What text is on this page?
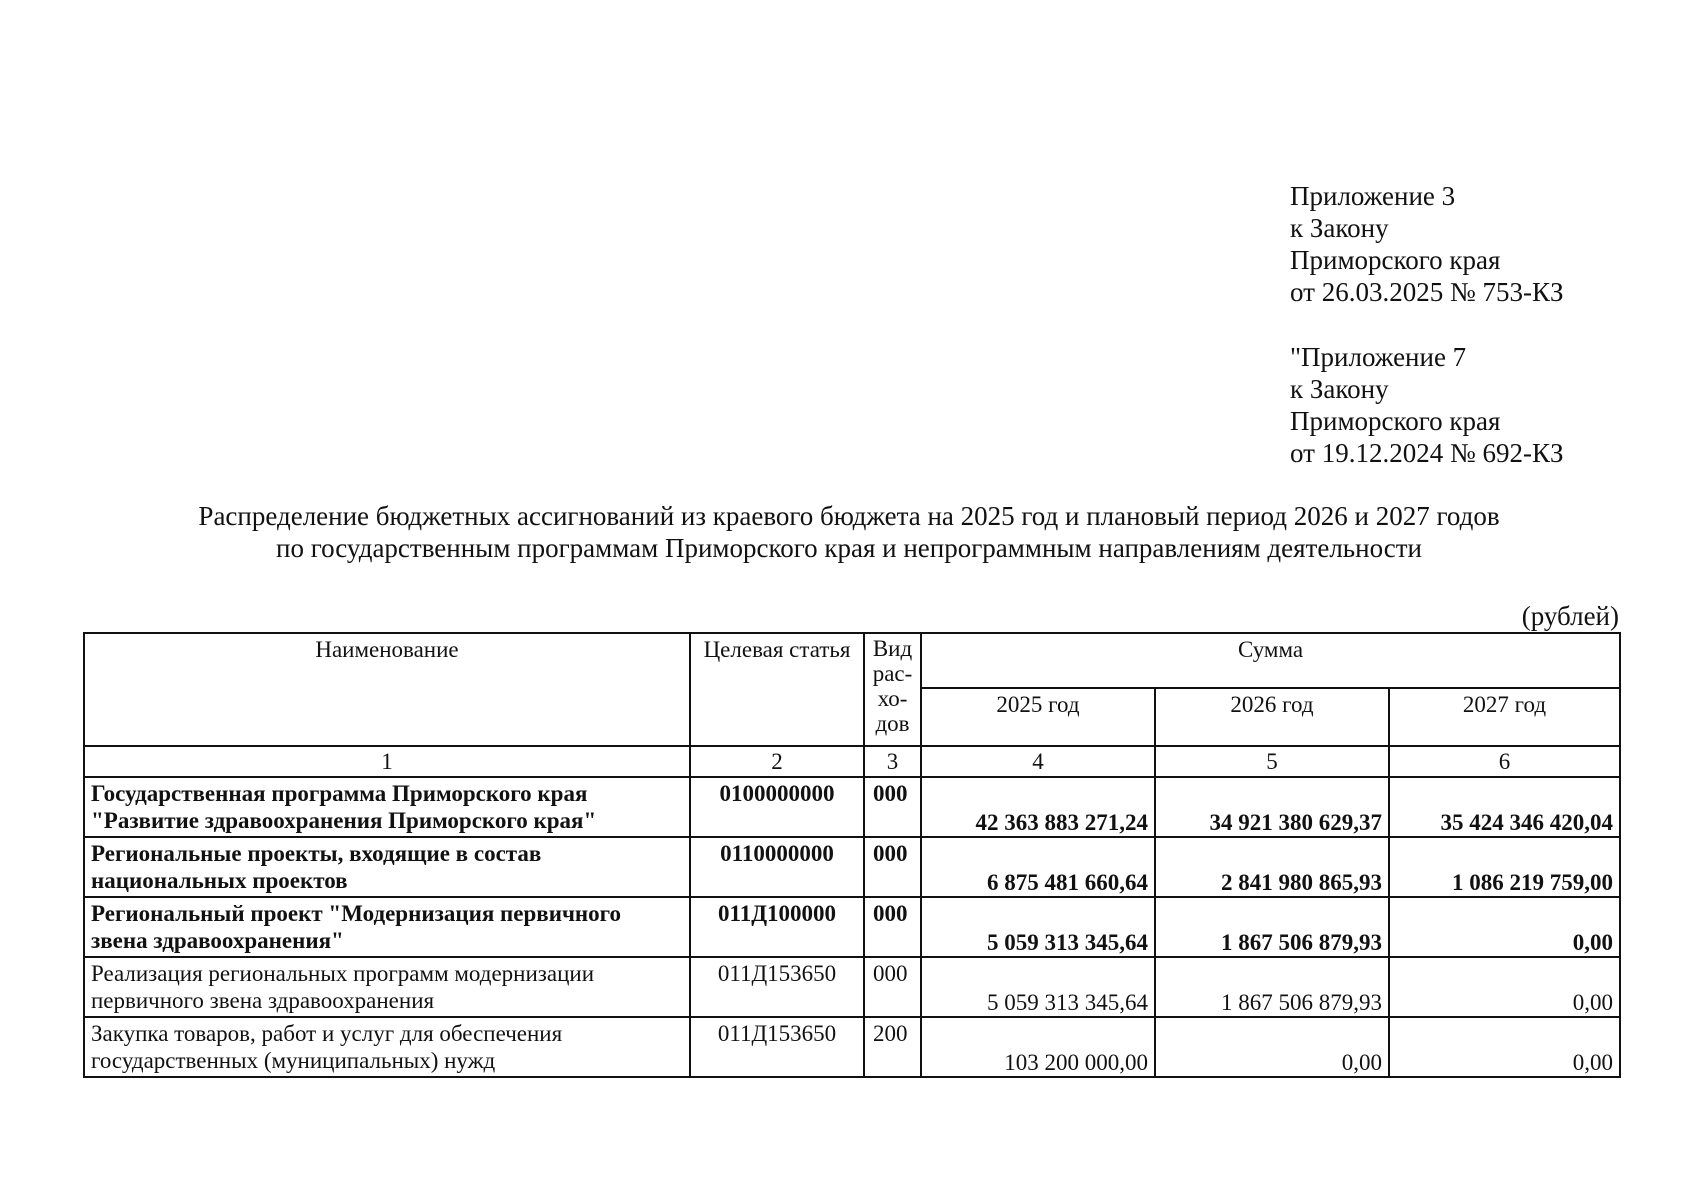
Приложение 3
к Закону
Приморского края
от 26.03.2025 № 753-КЗ
"Приложение 7
к Закону
Приморского края
от 19.12.2024 № 692-КЗ
Распределение бюджетных ассигнований из краевого бюджета на 2025 год и плановый период 2026 и 2027 годов
по государственным программам Приморского края и непрограммным направлениям деятельности
(рублей)
Наименование	Целевая статья	Вид
рас-
хо-
дов	Сумма		
			2025 год	2026 год	2027 год
1	2	3	4	5	6
Государственная программа Приморского края "Развитие здравоохранения Приморского края"	0100000000	000	42 363 883 271,24	34 921 380 629,37	35 424 346 420,04
Региональные проекты, входящие в состав национальных проектов	0110000000	000	6 875 481 660,64	2 841 980 865,93	1 086 219 759,00
Региональный проект "Модернизация первичного звена здравоохранения"	011Д100000	000	5 059 313 345,64	1 867 506 879,93	0,00
Реализация региональных программ модернизации первичного звена здравоохранения	011Д153650	000	5 059 313 345,64	1 867 506 879,93	0,00
Закупка товаров, работ и услуг для обеспечения государственных (муниципальных) нужд	011Д153650	200	103 200 000,00	0,00	0,00
